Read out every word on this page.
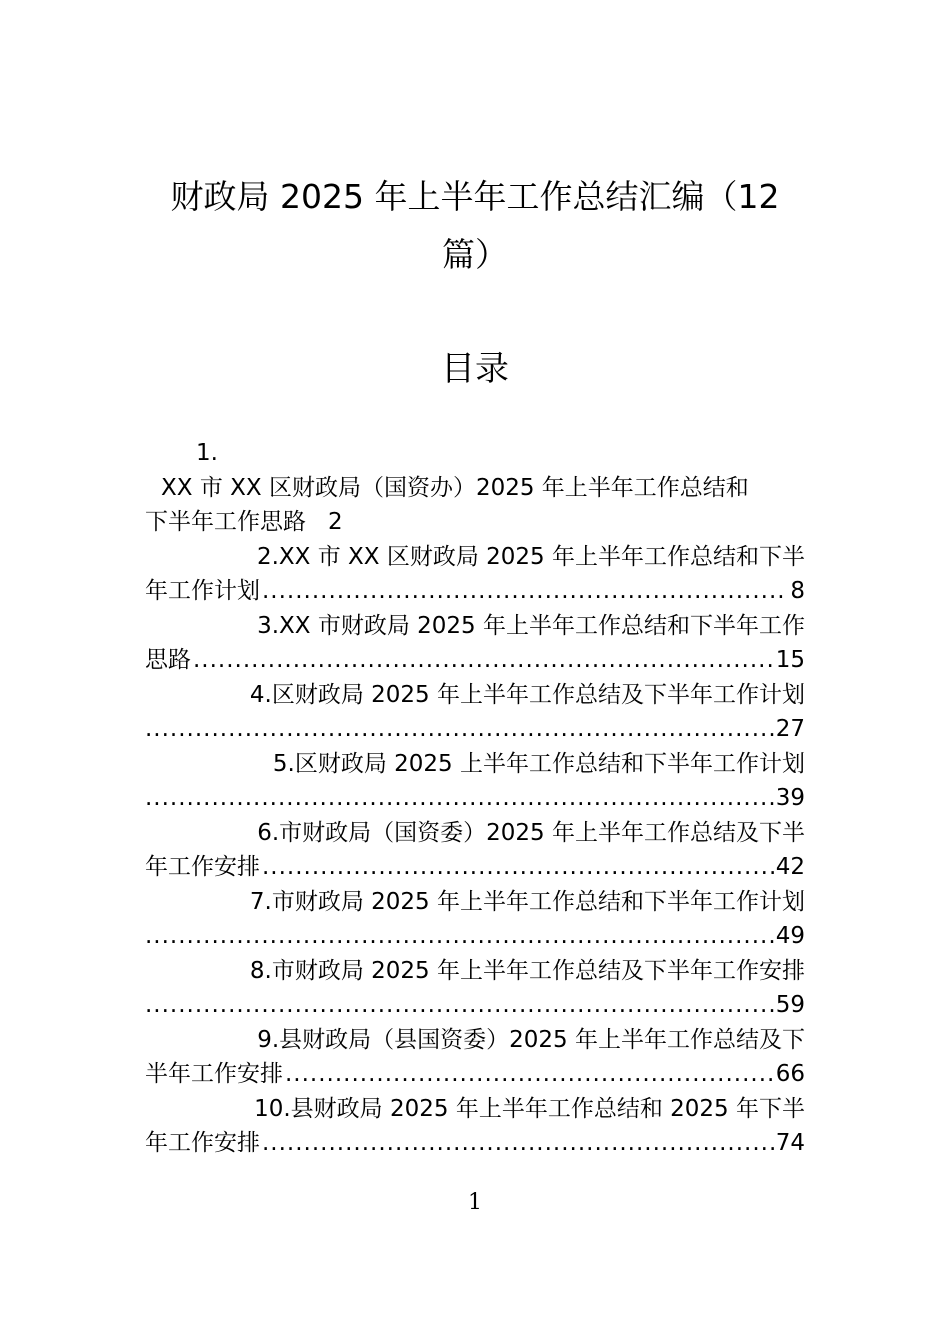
财政局 2025 年上半年工作总结汇编（12
篇）
目录
1.
XX 市 XX 区财政局（国资办）2025 年上半年工作总结和
下半年工作思路 2
2.XX 市 XX 区财政局 2025 年上半年工作总结和下半
年工作计划 .....	8
3.XX 市财政局 2025 年上半年工作总结和下半年工作
思路 .....	15
4.区财政局 2025 年上半年工作总结及下半年工作计划
.....
27
5.区财政局 2025 上半年工作总结和下半年工作计划
.....
39
6.市财政局（国资委）2025 年上半年工作总结及下半
年工作安排 .....	42
7.市财政局 2025 年上半年工作总结和下半年工作计划
.....
49
8.市财政局 2025 年上半年工作总结及下半年工作安排
.....
59
9.县财政局（县国资委）2025 年上半年工作总结及下
半年工作安排 .....	66
10.县财政局 2025 年上半年工作总结和 2025 年下半
年工作安排 .....	74
1
